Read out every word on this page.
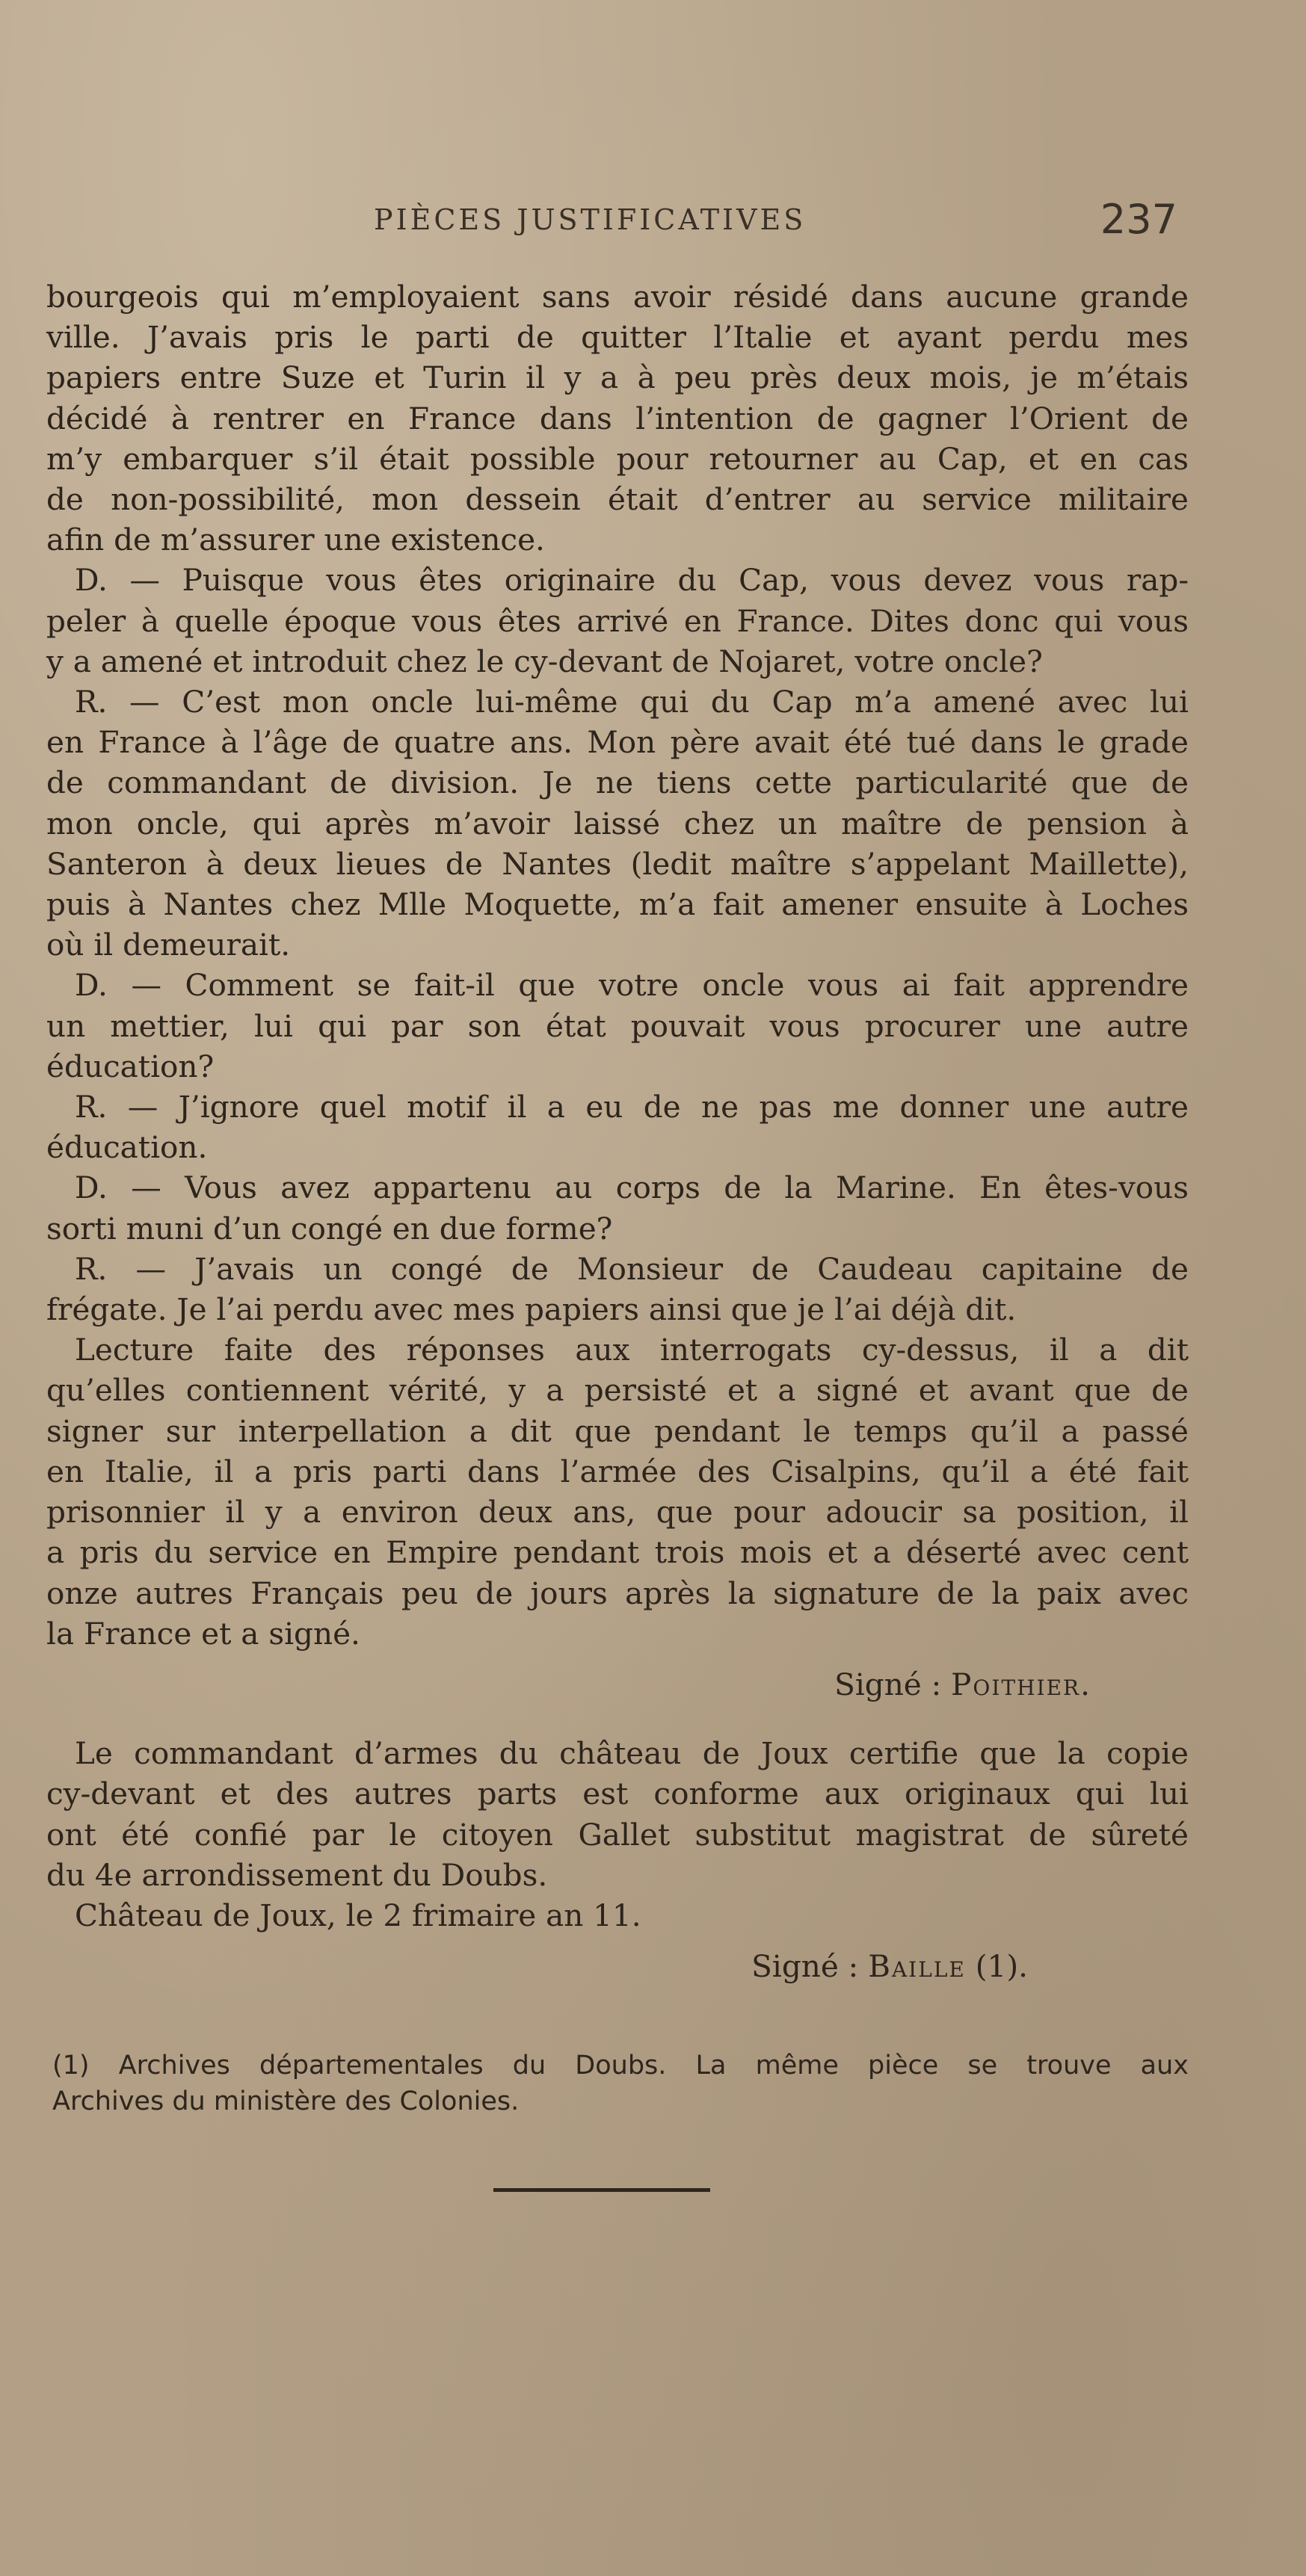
PIÈCES JUSTIFICATIVES	237

bourgeois qui m’employaient sans avoir résidé dans aucune grande
ville. J’avais pris le parti de quitter l’Italie et ayant perdu mes
papiers entre Suze et Turin il y a à peu près deux mois, je m’étais
décidé à rentrer en France dans l’intention de gagner l’Orient de
m’y embarquer s’il était possible pour retourner au Cap, et en cas
de non-possibilité, mon dessein était d’entrer au service militaire
afin de m’assurer une existence.

D. — Puisque vous êtes originaire du Cap, vous devez vous rap-
peler à quelle époque vous êtes arrivé en France. Dites donc qui vous
y a amené et introduit chez le cy-devant de Nojaret, votre oncle?

R. — C’est mon oncle lui-même qui du Cap m’a amené avec lui
en France à l’âge de quatre ans. Mon père avait été tué dans le grade
de commandant de division. Je ne tiens cette particularité que de
mon oncle, qui après m’avoir laissé chez un maître de pension à
Santeron à deux lieues de Nantes (ledit maître s’appelant Maillette),
puis à Nantes chez Mlle Moquette, m’a fait amener ensuite à Loches
où il demeurait.

D. — Comment se fait-il que votre oncle vous ai fait apprendre
un mettier, lui qui par son état pouvait vous procurer une autre
éducation?

R. — J’ignore quel motif il a eu de ne pas me donner une autre
éducation.

D. — Vous avez appartenu au corps de la Marine. En êtes-vous
sorti muni d’un congé en due forme?

R. — J’avais un congé de Monsieur de Caudeau capitaine de
frégate. Je l’ai perdu avec mes papiers ainsi que je l’ai déjà dit.

Lecture faite des réponses aux interrogats cy-dessus, il a dit
qu’elles contiennent vérité, y a persisté et a signé et avant que de
signer sur interpellation a dit que pendant le temps qu’il a passé
en Italie, il a pris parti dans l’armée des Cisalpins, qu’il a été fait
prisonnier il y a environ deux ans, que pour adoucir sa position, il
a pris du service en Empire pendant trois mois et a déserté avec cent
onze autres Français peu de jours après la signature de la paix avec
la France et a signé.

Signé : Poithier.

Le commandant d’armes du château de Joux certifie que la copie
cy-devant et des autres parts est conforme aux originaux qui lui
ont été confié par le citoyen Gallet substitut magistrat de sûreté
du 4e arrondissement du Doubs.

Château de Joux, le 2 frimaire an 11.

Signé : Baille (1).
(1) Archives départementales du Doubs. La même pièce se trouve aux
Archives du ministère des Colonies.
